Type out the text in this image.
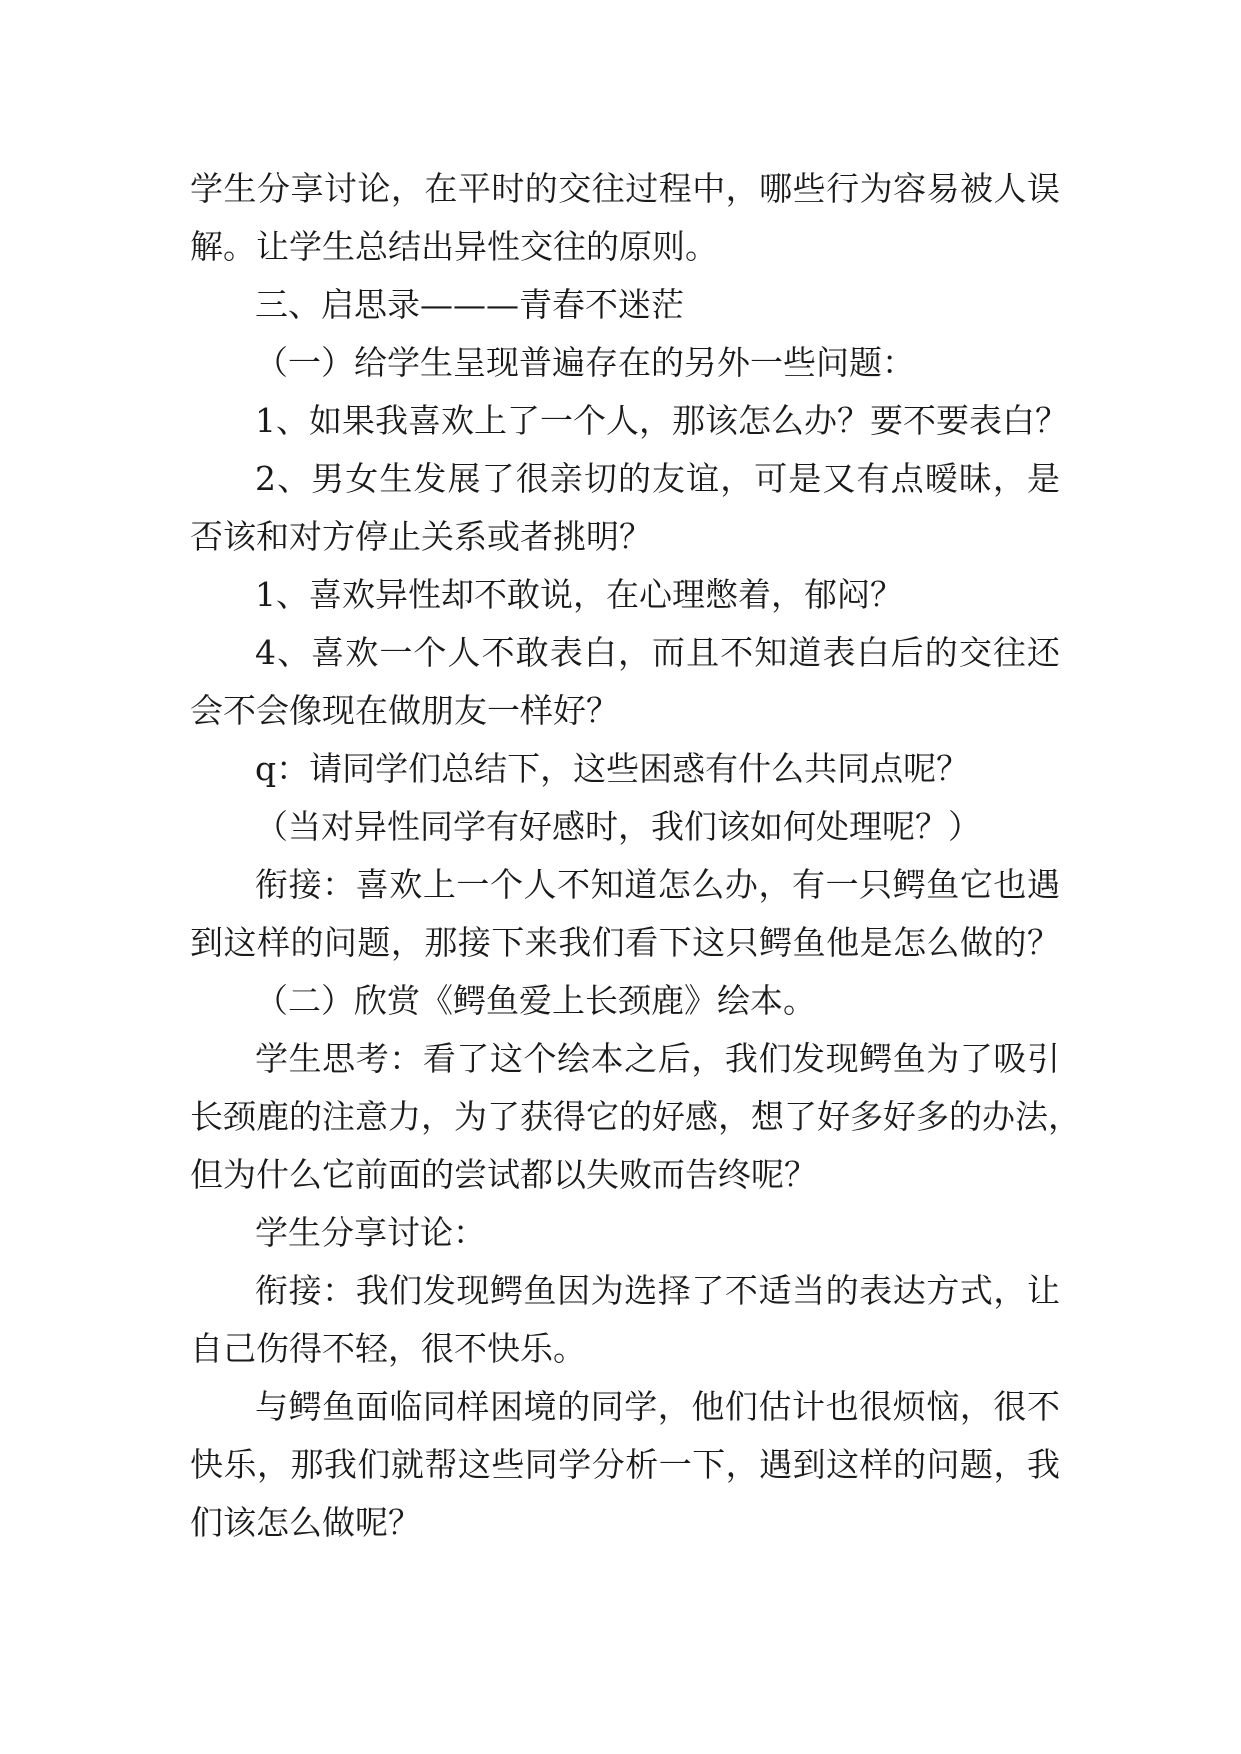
学生分享讨论，在平时的交往过程中，哪些行为容易被人误
解。让学生总结出异性交往的原则。
三、启思录———青春不迷茫
（一）给学生呈现普遍存在的另外一些问题：
1、如果我喜欢上了一个人，那该怎么办？要不要表白？
2、男女生发展了很亲切的友谊，可是又有点暧昧，是
否该和对方停止关系或者挑明？
1、喜欢异性却不敢说，在心理憋着，郁闷？
4、喜欢一个人不敢表白，而且不知道表白后的交往还
会不会像现在做朋友一样好？
q：请同学们总结下，这些困惑有什么共同点呢？
（当对异性同学有好感时，我们该如何处理呢？）
衔接：喜欢上一个人不知道怎么办，有一只鳄鱼它也遇
到这样的问题，那接下来我们看下这只鳄鱼他是怎么做的？
（二）欣赏《鳄鱼爱上长颈鹿》绘本。
学生思考：看了这个绘本之后，我们发现鳄鱼为了吸引
长颈鹿的注意力，为了获得它的好感，想了好多好多的办法，
但为什么它前面的尝试都以失败而告终呢？
学生分享讨论：
衔接：我们发现鳄鱼因为选择了不适当的表达方式，让
自己伤得不轻，很不快乐。
与鳄鱼面临同样困境的同学，他们估计也很烦恼，很不
快乐，那我们就帮这些同学分析一下，遇到这样的问题，我
们该怎么做呢？
